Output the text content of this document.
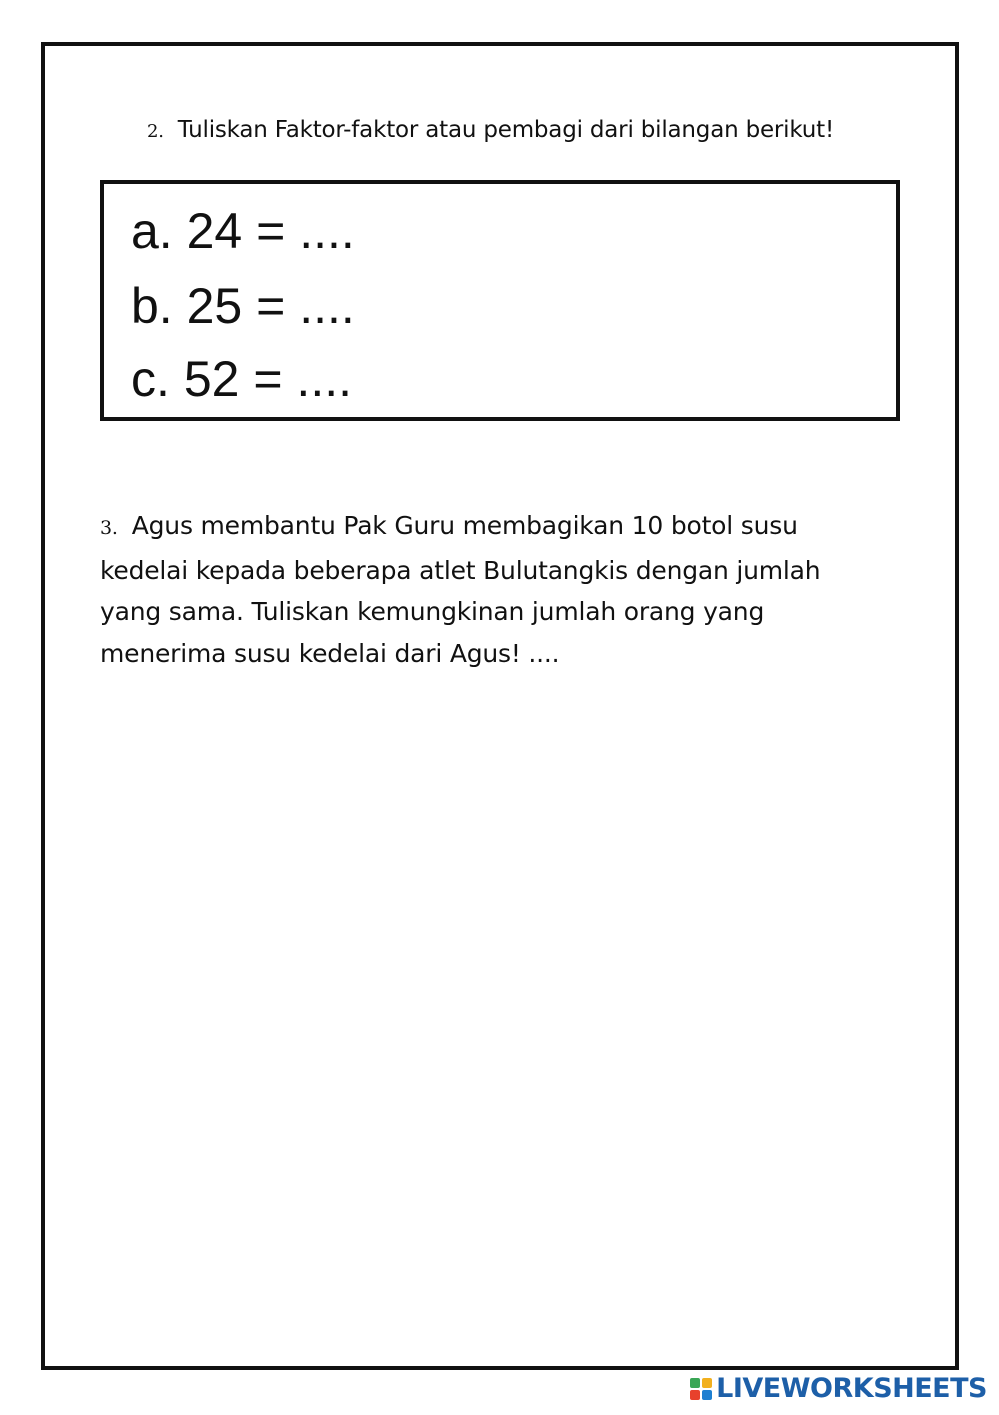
2. Tuliskan Faktor-faktor atau pembagi dari bilangan berikut!
a. 24 = ....
b. 25 = ....
c. 52 = ....
3. Agus membantu Pak Guru membagikan 10 botol susu
kedelai kepada beberapa atlet Bulutangkis dengan jumlah
yang sama. Tuliskan kemungkinan jumlah orang yang
menerima susu kedelai dari Agus! ....
LIVEWORKSHEETS
